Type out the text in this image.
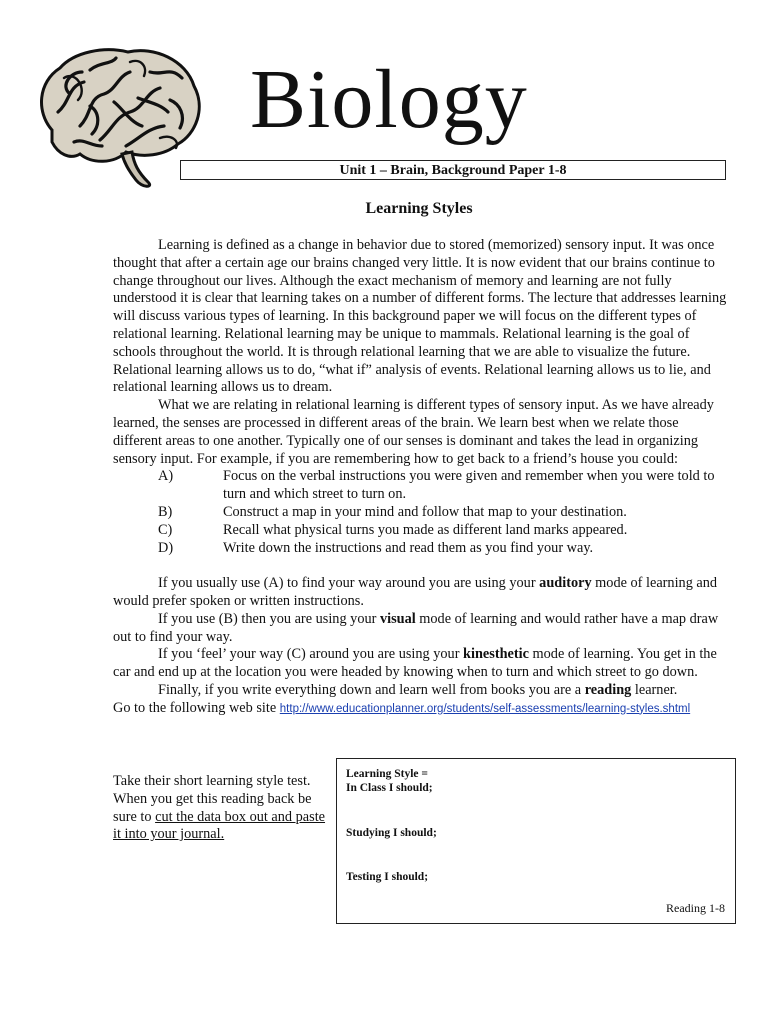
Biology
Unit 1 – Brain, Background Paper 1-8
Learning Styles

Learning is defined as a change in behavior due to stored (memorized) sensory input. It was once thought that after a certain age our brains changed very little. It is now evident that our brains continue to change throughout our lives. Although the exact mechanism of memory and learning are not fully understood it is clear that learning takes on a number of different forms. The lecture that addresses learning will discuss various types of learning. In this background paper we will focus on the different types of relational learning. Relational learning may be unique to mammals. Relational learning is the goal of schools throughout the world. It is through relational learning that we are able to visualize the future. Relational learning allows us to do, “what if” analysis of events. Relational learning allows us to lie, and relational learning allows us to dream.

What we are relating in relational learning is different types of sensory input. As we have already learned, the senses are processed in different areas of the brain. We learn best when we relate those different areas to one another. Typically one of our senses is dominant and takes the lead in organizing sensory input. For example, if you are remembering how to get back to a friend’s house you could:

A)	Focus on the verbal instructions you were given and remember when you were told to turn and which street to turn on.
B)	Construct a map in your mind and follow that map to your destination.
C)	Recall what physical turns you made as different land marks appeared.
D)	Write down the instructions and read them as you find your way.

If you usually use (A) to find your way around you are using your auditory mode of learning and would prefer spoken or written instructions.

If you use (B) then you are using your visual mode of learning and would rather have a map draw out to find your way.

If you ‘feel’ your way (C) around you are using your kinesthetic mode of learning. You get in the car and end up at the location you were headed by knowing when to turn and which street to go down.

Finally, if you write everything down and learn well from books you are a reading learner.

Go to the following web site http://www.educationplanner.org/students/self-assessments/learning-styles.shtml

Take their short learning style test. When you get this reading back be sure to cut the data box out and paste it into your journal.
Learning Style =
In Class I should;
Studying I should;
Testing I should;
Reading 1-8
